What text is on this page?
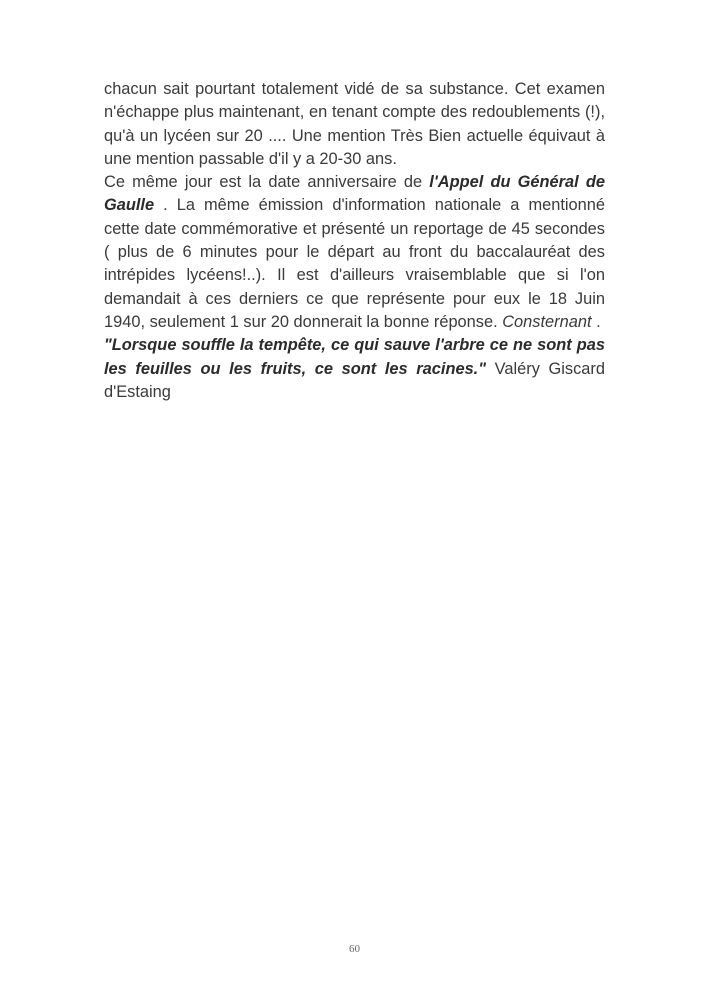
chacun sait pourtant totalement vidé de sa substance. Cet examen n'échappe plus maintenant, en tenant compte des redoublements (!), qu'à un lycéen sur 20 .... Une mention Très Bien actuelle équivaut à une mention passable d'il y a 20-30 ans.

Ce même jour est la date anniversaire de l'Appel du Général de Gaulle . La même émission d'information nationale a mentionné cette date commémorative et présenté un reportage de 45 secondes ( plus de 6 minutes pour le départ au front du baccalauréat des intrépides lycéens!..). Il est d'ailleurs vraisemblable que si l'on demandait à ces derniers ce que représente pour eux le 18 Juin 1940, seulement 1 sur 20 donnerait la bonne réponse. Consternant .

"Lorsque souffle la tempête, ce qui sauve l'arbre ce ne sont pas les feuilles ou les fruits, ce sont les racines." Valéry Giscard d'Estaing

60
